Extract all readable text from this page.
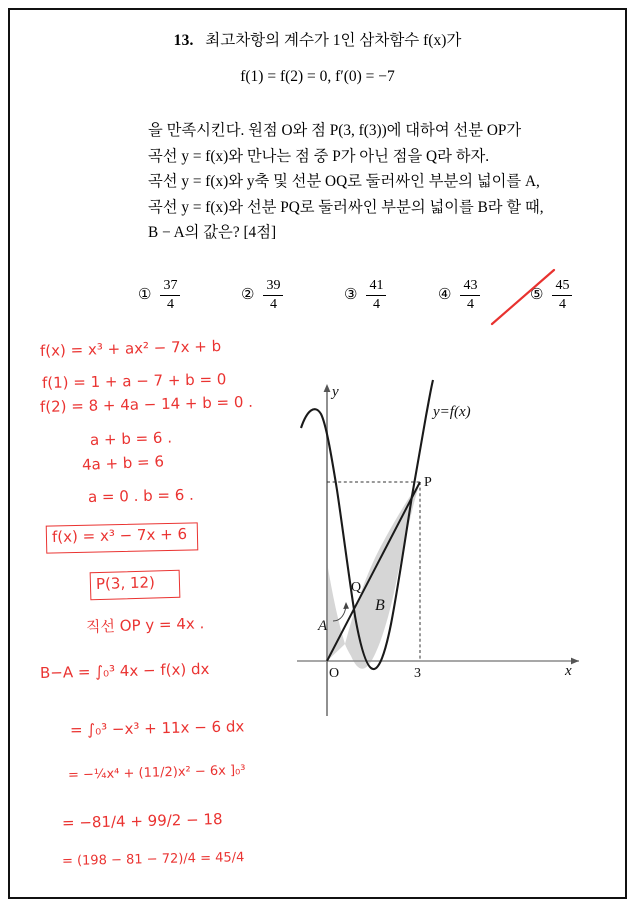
13. 최고차항의 계수가 1인 삼차함수 f(x)가
f(1) = f(2) = 0, f′(0) = −7
을 만족시킨다. 원점 O와 점 P(3, f(3))에 대하여 선분 OP가
곡선 y = f(x)와 만나는 점 중 P가 아닌 점을 Q라 하자.
곡선 y = f(x)와 y축 및 선분 OQ로 둘러싸인 부분의 넓이를 A,
곡선 y = f(x)와 선분 PQ로 둘러싸인 부분의 넓이를 B라 할 때,
B − A의 값은? [4점]
① $\frac{37}{4}$	② $\frac{39}{4}$	③ $\frac{41}{4}$	④ $\frac{43}{4}$	⑤ $\frac{45}{4}$
y
x
O	3
P
Q
A
B
y=f(x)
f(x) = x³ + ax² − 7x + b
f(1) = 1 + a − 7 + b = 0
f(2) = 8 + 4a − 14 + b = 0 .
a + b = 6 .
4a + b = 6
a = 0 . b = 6 .
f(x) = x³ − 7x + 6
P(3, 12)
직선 OP y = 4x .
B−A = ∫₀³ 4x − f(x) dx
= ∫₀³ −x³ + 11x − 6 dx
= −¼x⁴ + (11/2)x² − 6x ]₀³
= −81/4 + 99/2 − 18
= (198 − 81 − 72)/4 = 45/4
